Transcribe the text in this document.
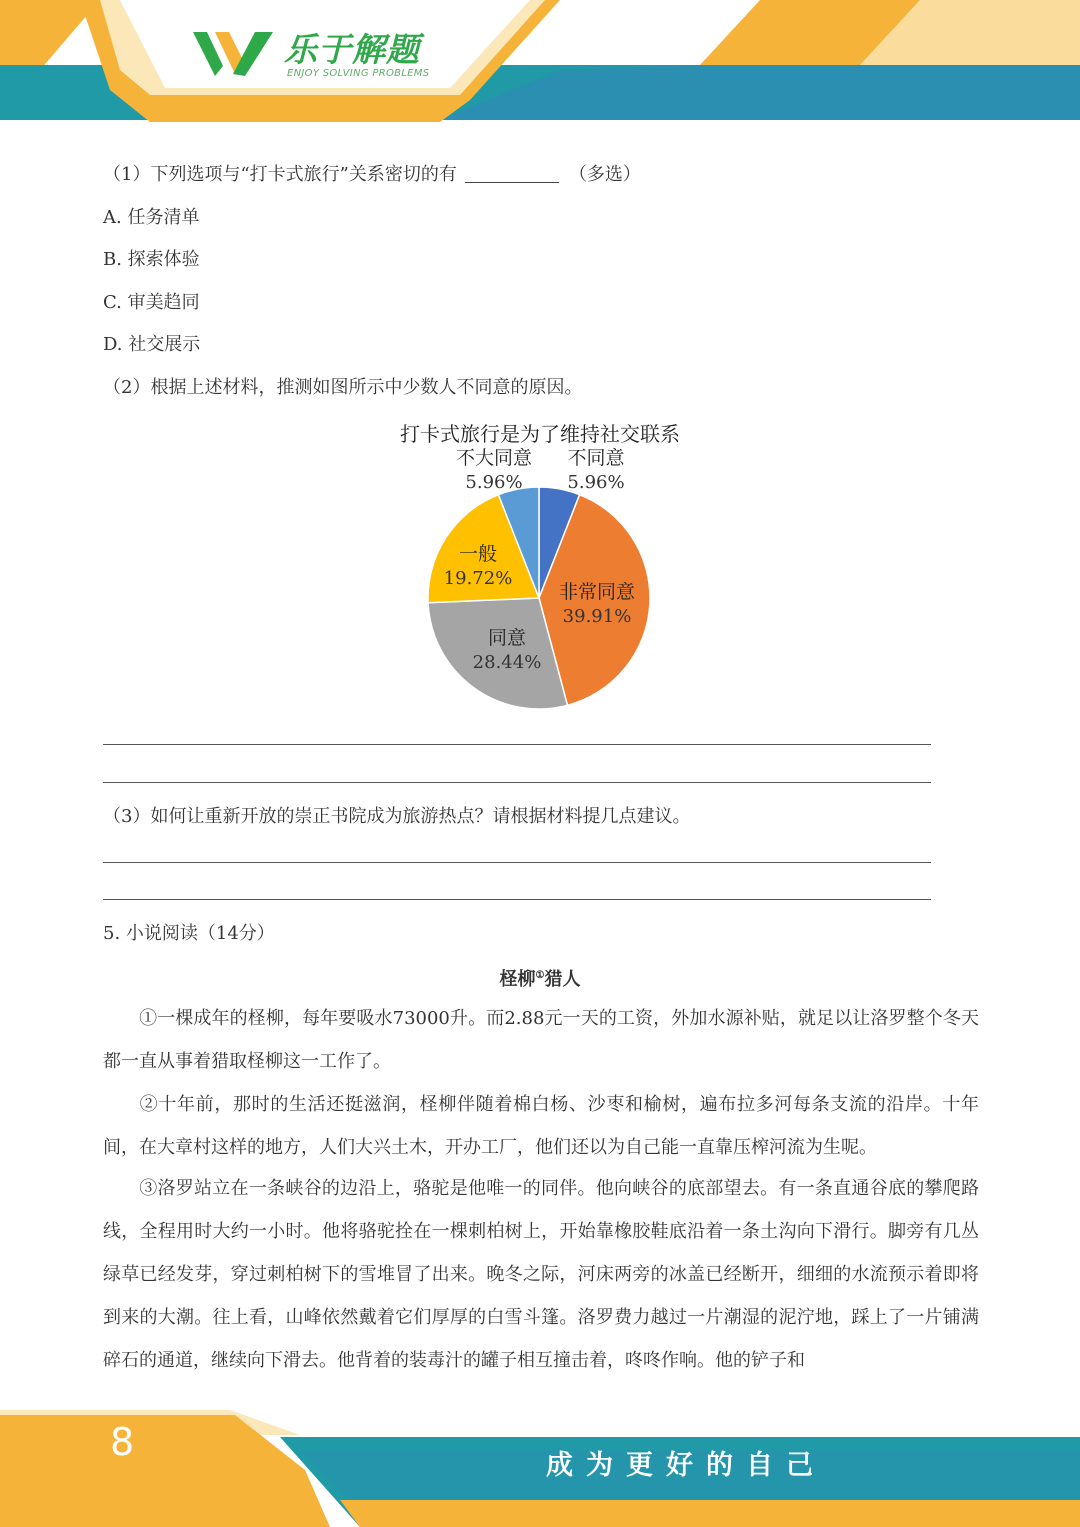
乐于解题
ENJOY SOLVING PROBLEMS
（1）下列选项与“打卡式旅行”关系密切的有	（多选）
A. 任务清单
B. 探索体验
C. 审美趋同
D. 社交展示
（2）根据上述材料，推测如图所示中少数人不同意的原因。
打卡式旅行是为了维持社交联系
不大同意
5.96%
不同意
5.96%
非常同意
39.91%
同意
28.44%
一般
19.72%
（3）如何让重新开放的崇正书院成为旅游热点？请根据材料提几点建议。
5. 小说阅读（14分）
柽柳①猎人
①一棵成年的柽柳，每年要吸水73000升。而2.88元一天的工资，外加水源补贴，就足以让洛罗整个冬天都一直从事着猎取柽柳这一工作了。
②十年前，那时的生活还挺滋润，柽柳伴随着棉白杨、沙枣和榆树，遍布拉多河每条支流的沿岸。十年间，在大章村这样的地方，人们大兴土木，开办工厂，他们还以为自己能一直靠压榨河流为生呢。
③洛罗站立在一条峡谷的边沿上，骆驼是他唯一的同伴。他向峡谷的底部望去。有一条直通谷底的攀爬路线，全程用时大约一小时。他将骆驼拴在一棵刺柏树上，开始靠橡胶鞋底沿着一条土沟向下滑行。脚旁有几丛绿草已经发芽，穿过刺柏树下的雪堆冒了出来。晚冬之际，河床两旁的冰盖已经断开，细细的水流预示着即将到来的大潮。往上看，山峰依然戴着它们厚厚的白雪斗篷。洛罗费力越过一片潮湿的泥泞地，踩上了一片铺满碎石的通道，继续向下滑去。他背着的装毒汁的罐子相互撞击着，咚咚作响。他的铲子和
8
成为更好的自己
